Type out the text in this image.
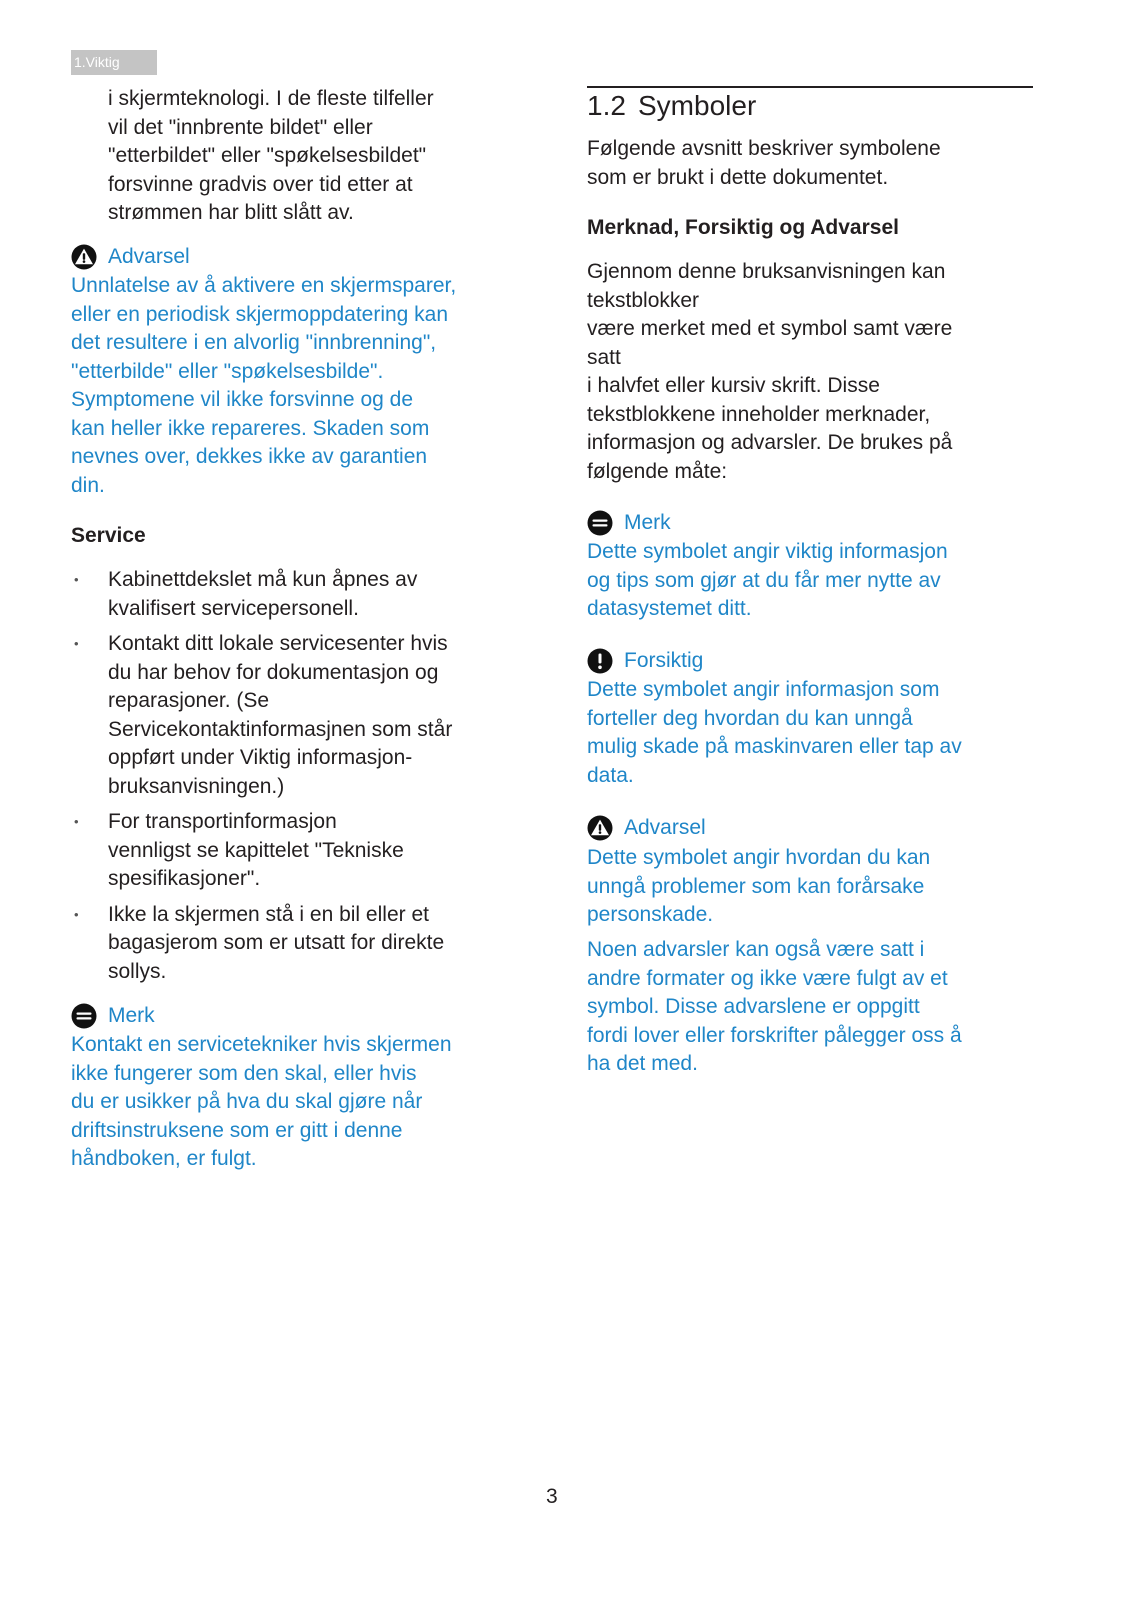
1.Viktig
i skjermteknologi. I de fleste tilfeller
vil det "innbrente bildet" eller
"etterbildet" eller "spøkelsesbildet"
forsvinne gradvis over tid etter at
strømmen har blitt slått av.
Advarsel
Unnlatelse av å aktivere en skjermsparer,
eller en periodisk skjermoppdatering kan
det resultere i en alvorlig "innbrenning",
"etterbilde" eller "spøkelsesbilde".
Symptomene vil ikke forsvinne og de
kan heller ikke repareres. Skaden som
nevnes over, dekkes ikke av garantien
din.
Service
• Kabinettdekslet må kun åpnes av
kvalifisert servicepersonell.
• Kontakt ditt lokale servicesenter hvis
du har behov for dokumentasjon og
reparasjoner. (Se
Servicekontaktinformasjnen som står
oppført under Viktig informasjon-
bruksanvisningen.)
• For transportinformasjon
vennligst se kapittelet "Tekniske
spesifikasjoner".
• Ikke la skjermen stå i en bil eller et
bagasjerom som er utsatt for direkte
sollys.
Merk
Kontakt en servicetekniker hvis skjermen
ikke fungerer som den skal, eller hvis
du er usikker på hva du skal gjøre når
driftsinstruksene som er gitt i denne
håndboken, er fulgt.
1.2 Symboler
Følgende avsnitt beskriver symbolene
som er brukt i dette dokumentet.
Merknad, Forsiktig og Advarsel
Gjennom denne bruksanvisningen kan
tekstblokker
være merket med et symbol samt være
satt
i halvfet eller kursiv skrift. Disse
tekstblokkene inneholder merknader,
informasjon og advarsler. De brukes på
følgende måte:
Merk
Dette symbolet angir viktig informasjon
og tips som gjør at du får mer nytte av
datasystemet ditt.
Forsiktig
Dette symbolet angir informasjon som
forteller deg hvordan du kan unngå
mulig skade på maskinvaren eller tap av
data.
Advarsel
Dette symbolet angir hvordan du kan
unngå problemer som kan forårsake
personskade.
Noen advarsler kan også være satt i
andre formater og ikke være fulgt av et
symbol. Disse advarslene er oppgitt
fordi lover eller forskrifter pålegger oss å
ha det med.
3
